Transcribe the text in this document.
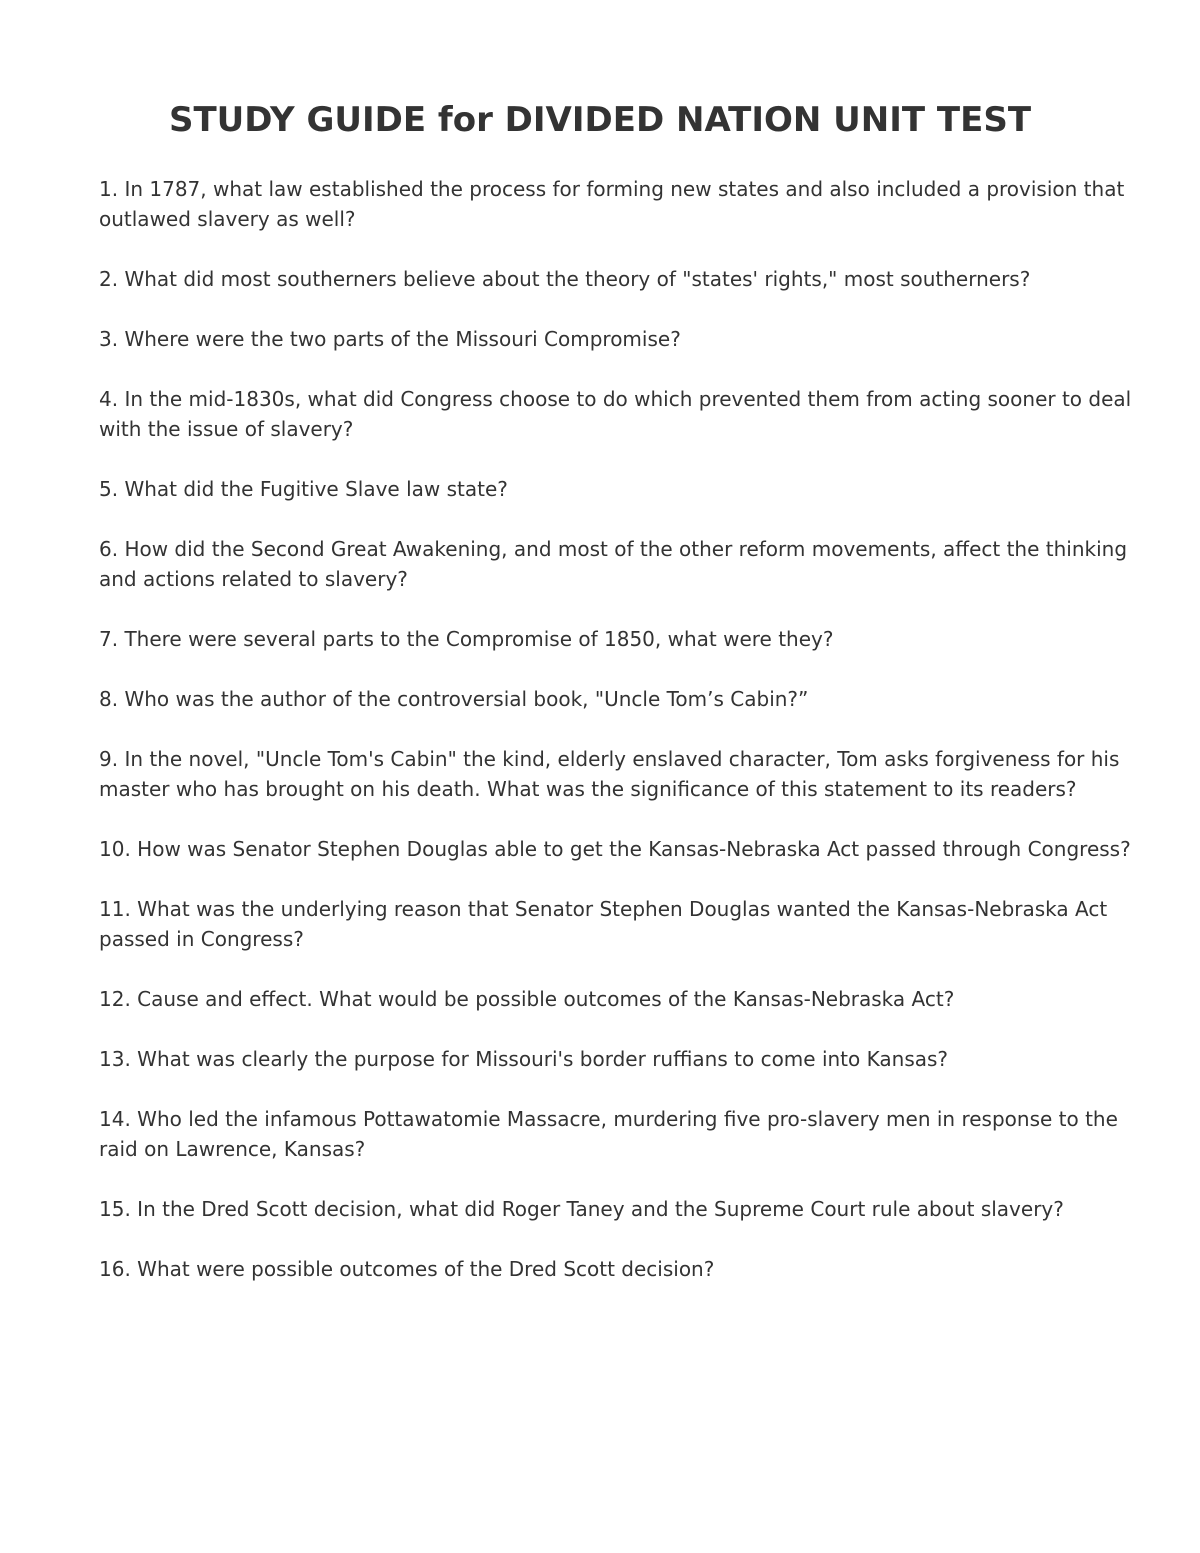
STUDY GUIDE for DIVIDED NATION UNIT TEST
1. In 1787, what law established the process for forming new states and also included a provision that outlawed slavery as well?
2. What did most southerners believe about the theory of "states' rights," most southerners?
3. Where were the two parts of the Missouri Compromise?
4. In the mid-1830s, what did Congress choose to do which prevented them from acting sooner to deal with the issue of slavery?
5. What did the Fugitive Slave law state?
6. How did the Second Great Awakening, and most of the other reform movements, affect the thinking and actions related to slavery?
7. There were several parts to the Compromise of 1850, what were they?
8. Who was the author of the controversial book, "Uncle Tom’s Cabin?”
9. In the novel, "Uncle Tom's Cabin" the kind, elderly enslaved character, Tom asks forgiveness for his master who has brought on his death. What was the significance of this statement to its readers?
10. How was Senator Stephen Douglas able to get the Kansas-Nebraska Act passed through Congress?
11. What was the underlying reason that Senator Stephen Douglas wanted the Kansas-Nebraska Act passed in Congress?
12. Cause and effect. What would be possible outcomes of the Kansas-Nebraska Act?
13. What was clearly the purpose for Missouri's border ruffians to come into Kansas?
14. Who led the infamous Pottawatomie Massacre, murdering five pro-slavery men in response to the raid on Lawrence, Kansas?
15. In the Dred Scott decision, what did Roger Taney and the Supreme Court rule about slavery?
16. What were possible outcomes of the Dred Scott decision?
